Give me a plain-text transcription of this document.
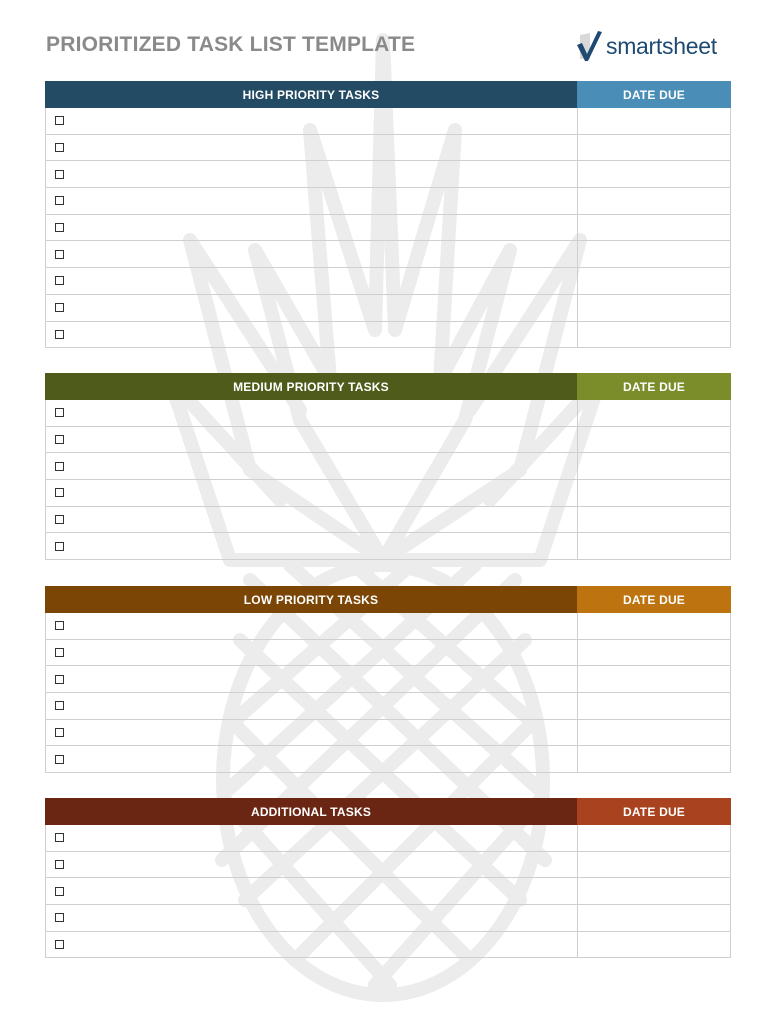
PRIORITIZED TASK LIST TEMPLATE	smartsheet
HIGH PRIORITY TASKS	DATE DUE
MEDIUM PRIORITY TASKS	DATE DUE
LOW PRIORITY TASKS	DATE DUE
ADDITIONAL TASKS	DATE DUE
